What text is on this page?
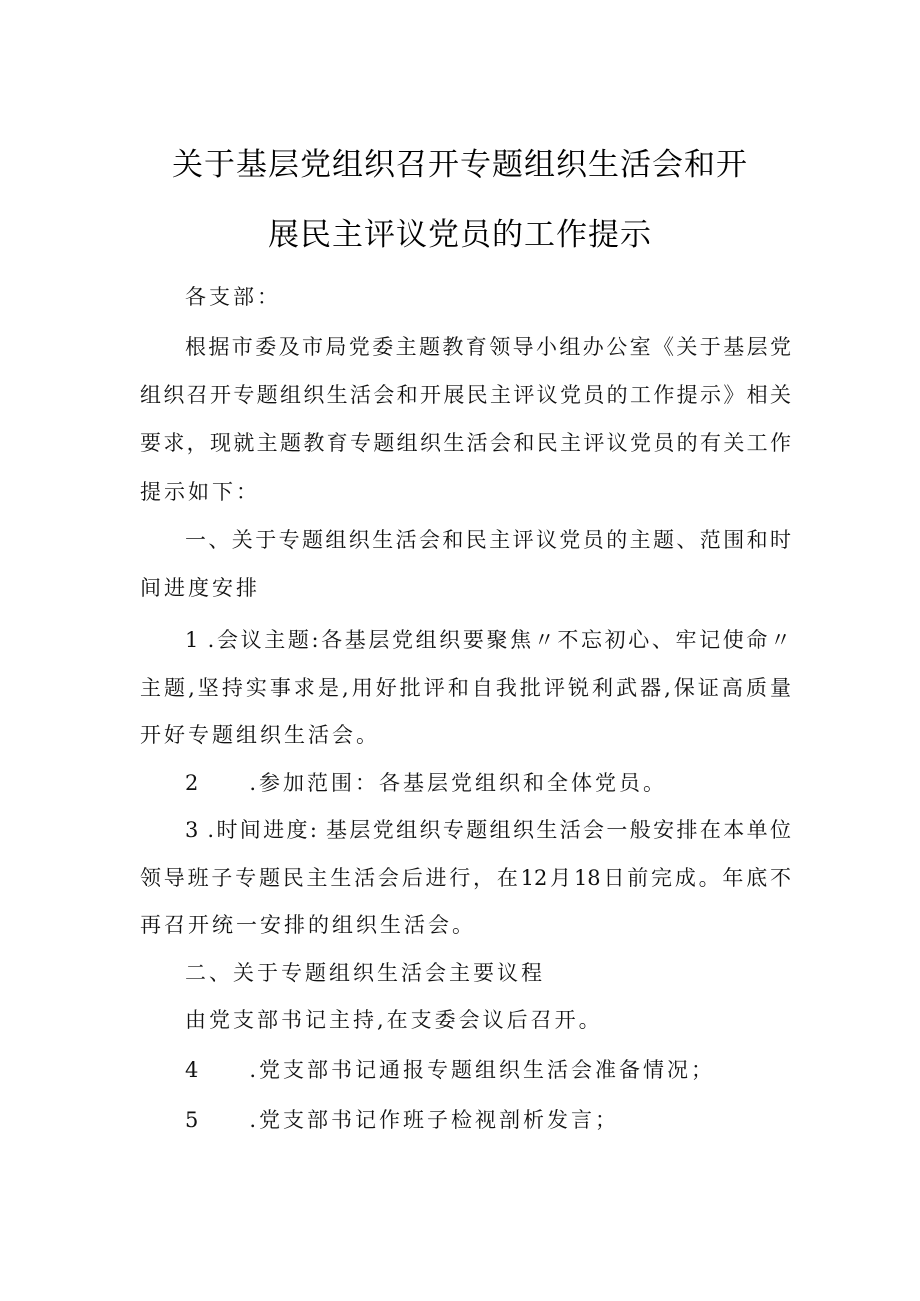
关于基层党组织召开专题组织生活会和开
展民主评议党员的工作提示
各支部：
根据市委及市局党委主题教育领导小组办公室《关于基层党
组织召开专题组织生活会和开展民主评议党员的工作提示》相关
要求，现就主题教育专题组织生活会和民主评议党员的有关工作
提示如下：
一、关于专题组织生活会和民主评议党员的主题、范围和时
间进度安排
1 .会议主题:各基层党组织要聚焦〃不忘初心、牢记使命〃
主题,坚持实事求是,用好批评和自我批评锐利武器,保证高质量
开好专题组织生活会。
2　　.参加范围：各基层党组织和全体党员。
3 .时间进度: 基层党组织专题组织生活会一般安排在本单位
领导班子专题民主生活会后进行，在12月18日前完成。年底不
再召开统一安排的组织生活会。
二、关于专题组织生活会主要议程
由党支部书记主持,在支委会议后召开。
4　　.党支部书记通报专题组织生活会准备情况；
5　　.党支部书记作班子检视剖析发言；
